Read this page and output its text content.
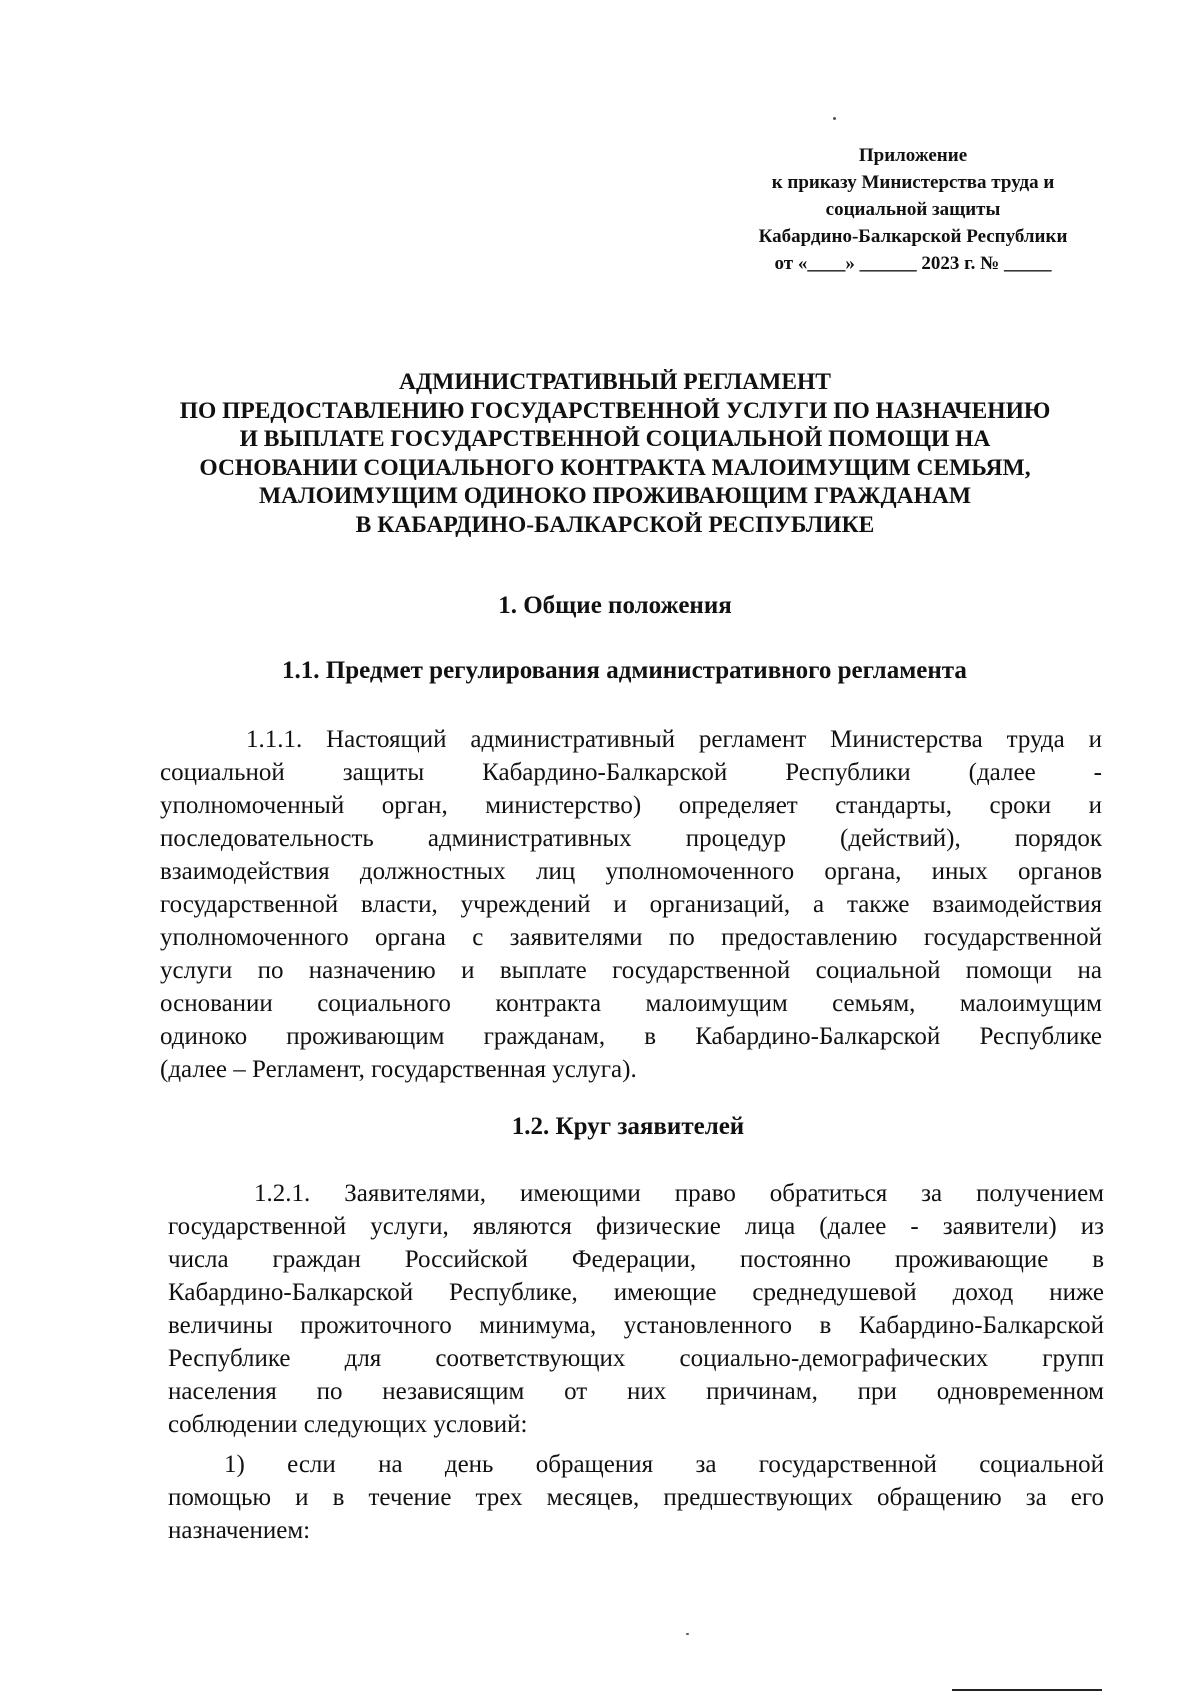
Приложение
к приказу Министерства труда и
социальной защиты
Кабардино-Балкарской Республики
от «____» ______ 2023 г. № _____
АДМИНИСТРАТИВНЫЙ РЕГЛАМЕНТ
ПО ПРЕДОСТАВЛЕНИЮ ГОСУДАРСТВЕННОЙ УСЛУГИ ПО НАЗНАЧЕНИЮ
И ВЫПЛАТЕ ГОСУДАРСТВЕННОЙ СОЦИАЛЬНОЙ ПОМОЩИ НА
ОСНОВАНИИ СОЦИАЛЬНОГО КОНТРАКТА МАЛОИМУЩИМ СЕМЬЯМ,
МАЛОИМУЩИМ ОДИНОКО ПРОЖИВАЮЩИМ ГРАЖДАНАМ
В КАБАРДИНО-БАЛКАРСКОЙ РЕСПУБЛИКЕ
1. Общие положения
1.1. Предмет регулирования административного регламента
1.1.1. Настоящий административный регламент Министерства труда и
социальной защиты Кабардино-Балкарской Республики (далее -
уполномоченный орган, министерство) определяет стандарты, сроки и
последовательность административных процедур (действий), порядок
взаимодействия должностных лиц уполномоченного органа, иных органов
государственной власти, учреждений и организаций, а также взаимодействия
уполномоченного органа с заявителями по предоставлению государственной
услуги по назначению и выплате государственной социальной помощи на
основании социального контракта малоимущим семьям, малоимущим
одиноко проживающим гражданам, в Кабардино-Балкарской Республике
(далее – Регламент, государственная услуга).
1.2. Круг заявителей
1.2.1. Заявителями, имеющими право обратиться за получением
государственной услуги, являются физические лица (далее - заявители) из
числа граждан Российской Федерации, постоянно проживающие в
Кабардино-Балкарской Республике, имеющие среднедушевой доход ниже
величины прожиточного минимума, установленного в Кабардино-Балкарской
Республике для соответствующих социально-демографических групп
населения по независящим от них причинам, при одновременном
соблюдении следующих условий:
1) если на день обращения за государственной социальной
помощью и в течение трех месяцев, предшествующих обращению за его
назначением:
